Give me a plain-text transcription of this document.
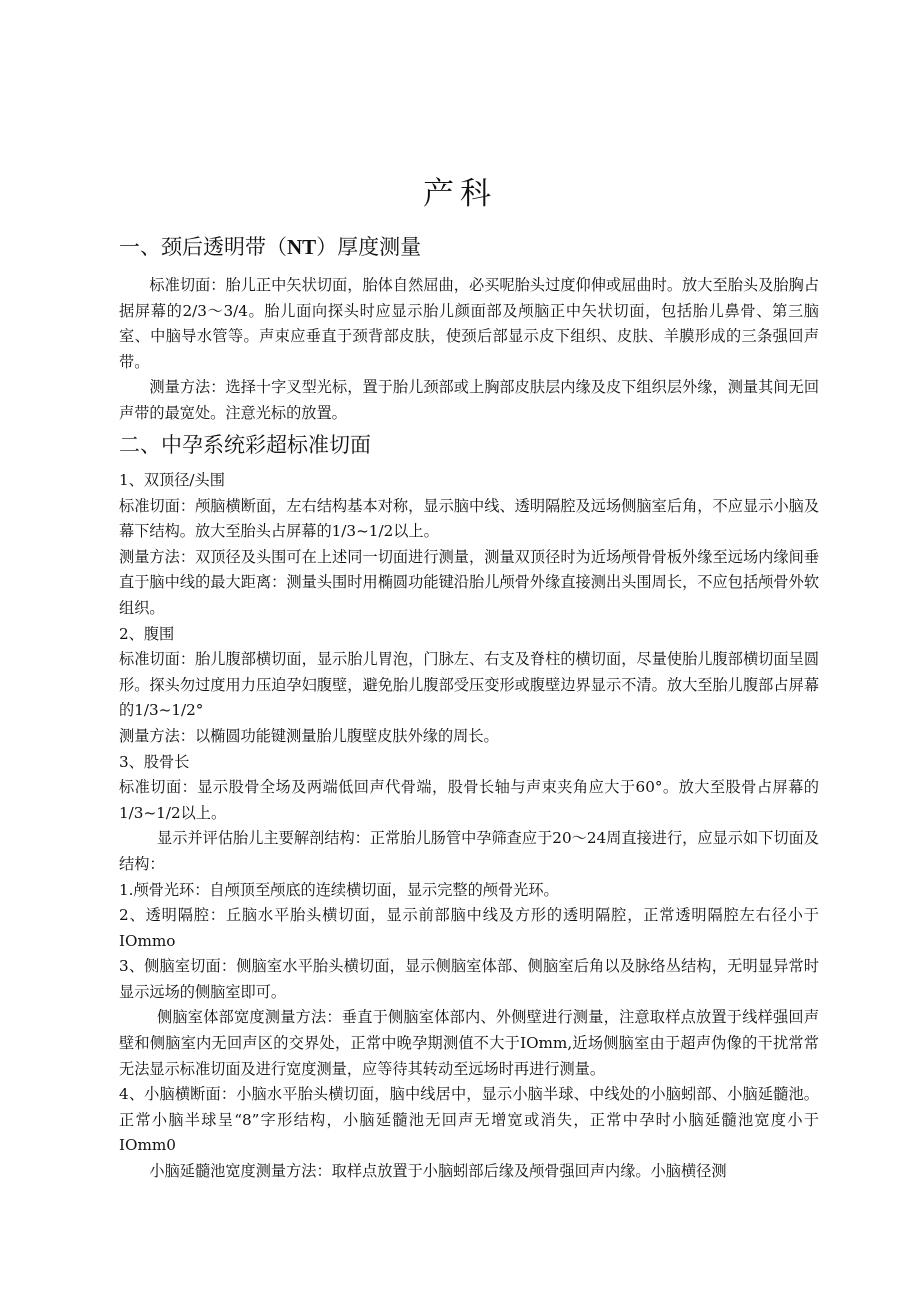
产科
一、颈后透明带（NT）厚度测量

标准切面：胎儿正中矢状切面，胎体自然屈曲，必买呢胎头过度仰伸或屈曲时。放大至胎头及胎胸占据屏幕的2/3～3/4。胎儿面向探头时应显示胎儿颜面部及颅脑正中矢状切面，包括胎儿鼻骨、第三脑室、中脑导水管等。声束应垂直于颈背部皮肤，使颈后部显示皮下组织、皮肤、羊膜形成的三条强回声带。

测量方法：选择十字叉型光标，置于胎儿颈部或上胸部皮肤层内缘及皮下组织层外缘，测量其间无回声带的最宽处。注意光标的放置。

二、中孕系统彩超标准切面

1、双顶径/头围

标准切面：颅脑横断面，左右结构基本对称，显示脑中线、透明隔腔及远场侧脑室后角，不应显示小脑及幕下结构。放大至胎头占屏幕的1/3~1/2以上。

测量方法：双顶径及头围可在上述同一切面进行测量，测量双顶径时为近场颅骨骨板外缘至远场内缘间垂直于脑中线的最大距离：测量头围时用椭圆功能键沿胎儿颅骨外缘直接测出头围周长，不应包括颅骨外软组织。

2、腹围

标准切面：胎儿腹部横切面，显示胎儿胃泡，门脉左、右支及脊柱的横切面，尽量使胎儿腹部横切面呈圆形。探头勿过度用力压迫孕妇腹壁，避免胎儿腹部受压变形或腹壁边界显示不清。放大至胎儿腹部占屏幕的1/3~1/2°

测量方法：以椭圆功能键测量胎儿腹壁皮肤外缘的周长。

3、股骨长

标准切面：显示股骨全场及两端低回声代骨端，股骨长轴与声束夹角应大于60°。放大至股骨占屏幕的1/3~1/2以上。

显示并评估胎儿主要解剖结构：正常胎儿肠管中孕筛查应于20～24周直接进行，应显示如下切面及结构：

1.颅骨光环：自颅顶至颅底的连续横切面，显示完整的颅骨光环。

2、透明隔腔：丘脑水平胎头横切面，显示前部脑中线及方形的透明隔腔，正常透明隔腔左右径小于IOmmo

3、侧脑室切面：侧脑室水平胎头横切面，显示侧脑室体部、侧脑室后角以及脉络丛结构，无明显异常时显示远场的侧脑室即可。

侧脑室体部宽度测量方法：垂直于侧脑室体部内、外侧壁进行测量，注意取样点放置于线样强回声壁和侧脑室内无回声区的交界处，正常中晚孕期测值不大于IOmm,近场侧脑室由于超声伪像的干扰常常无法显示标准切面及进行宽度测量，应等待其转动至远场时再进行测量。

4、小脑横断面：小脑水平胎头横切面，脑中线居中，显示小脑半球、中线处的小脑蚓部、小脑延髓池。正常小脑半球呈“8”字形结构，小脑延髓池无回声无增宽或消失，正常中孕时小脑延髓池宽度小于IOmm0

小脑延髓池宽度测量方法：取样点放置于小脑蚓部后缘及颅骨强回声内缘。小脑横径测
